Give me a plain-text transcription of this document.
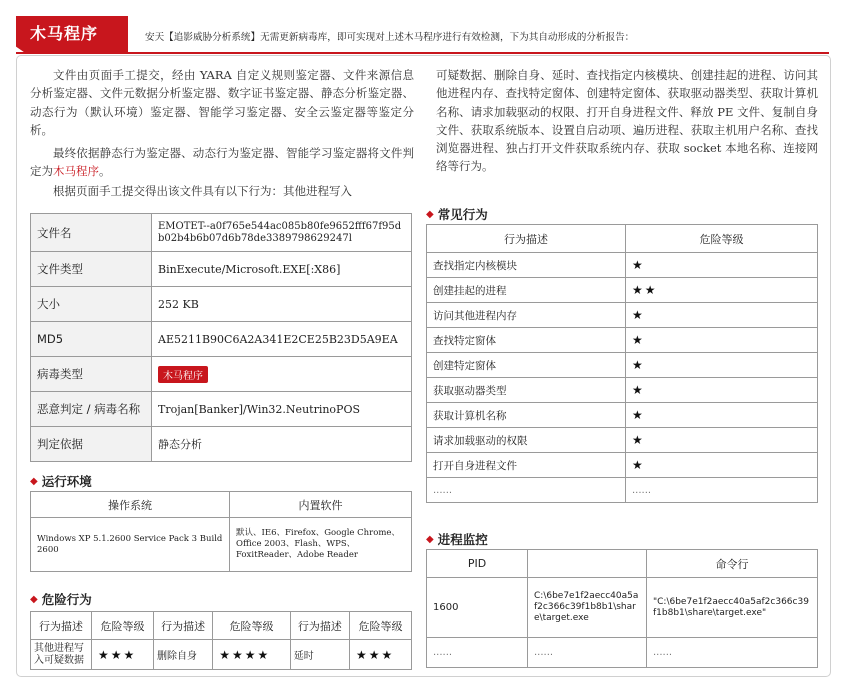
木马程序	安天【追影威胁分析系统】无需更新病毒库，即可实现对上述木马程序进行有效检测，下为其自动形成的分析报告：
文件由页面手工提交，经由 YARA 自定义规则鉴定器、文件来源信息分析鉴定器、文件元数据分析鉴定器、数字证书鉴定器、静态分析鉴定器、动态行为（默认环境）鉴定器、智能学习鉴定器、安全云鉴定器等鉴定分析。
最终依据静态行为鉴定器、动态行为鉴定器、智能学习鉴定器将文件判定为木马程序。
根据页面手工提交得出该文件具有以下行为：其他进程写入
可疑数据、删除自身、延时、查找指定内核模块、创建挂起的进程、访问其他进程内存、查找特定窗体、创建特定窗体、获取驱动器类型、获取计算机名称、请求加载驱动的权限、打开自身进程文件、释放 PE 文件、复制自身文件、获取系统版本、设置自启动项、遍历进程、获取主机用户名称、查找浏览器进程、独占打开文件获取系统内存、获取 socket 本地名称、连接网络等行为。
文件名	EMOTET--a0f765e544ac085b80fe9652fff67f95db02b4b6b07d6b78de3389798629247l
文件类型	BinExecute/Microsoft.EXE[:X86]
大小	252 KB
MD5	AE5211B90C6A2A341E2CE25B23D5A9EA
病毒类型	木马程序
恶意判定 / 病毒名称	Trojan[Banker]/Win32.NeutrinoPOS
判定依据	静态分析
◆ 运行环境
操作系统	内置软件
Windows XP 5.1.2600 Service Pack 3 Build 2600	默认、IE6、Firefox、Google Chrome、Office 2003、Flash、WPS、FoxitReader、Adobe Reader
◆ 危险行为
行为描述	危险等级	行为描述	危险等级	行为描述	危险等级
其他进程写入可疑数据	★★★	删除自身	★★★★	延时	★★★
◆ 常见行为
行为描述	危险等级
查找指定内核模块	★
创建挂起的进程	★★
访问其他进程内存	★
查找特定窗体	★
创建特定窗体	★
获取驱动器类型	★
获取计算机名称	★
请求加载驱动的权限	★
打开自身进程文件	★
......	......
◆ 进程监控
PID		命令行
1600	C:\6be7e1f2aecc40a5af2c366c39f1b8b1\share\target.exe	"C:\6be7e1f2aecc40a5af2c366c39f1b8b1\share\target.exe"
......	......	......
